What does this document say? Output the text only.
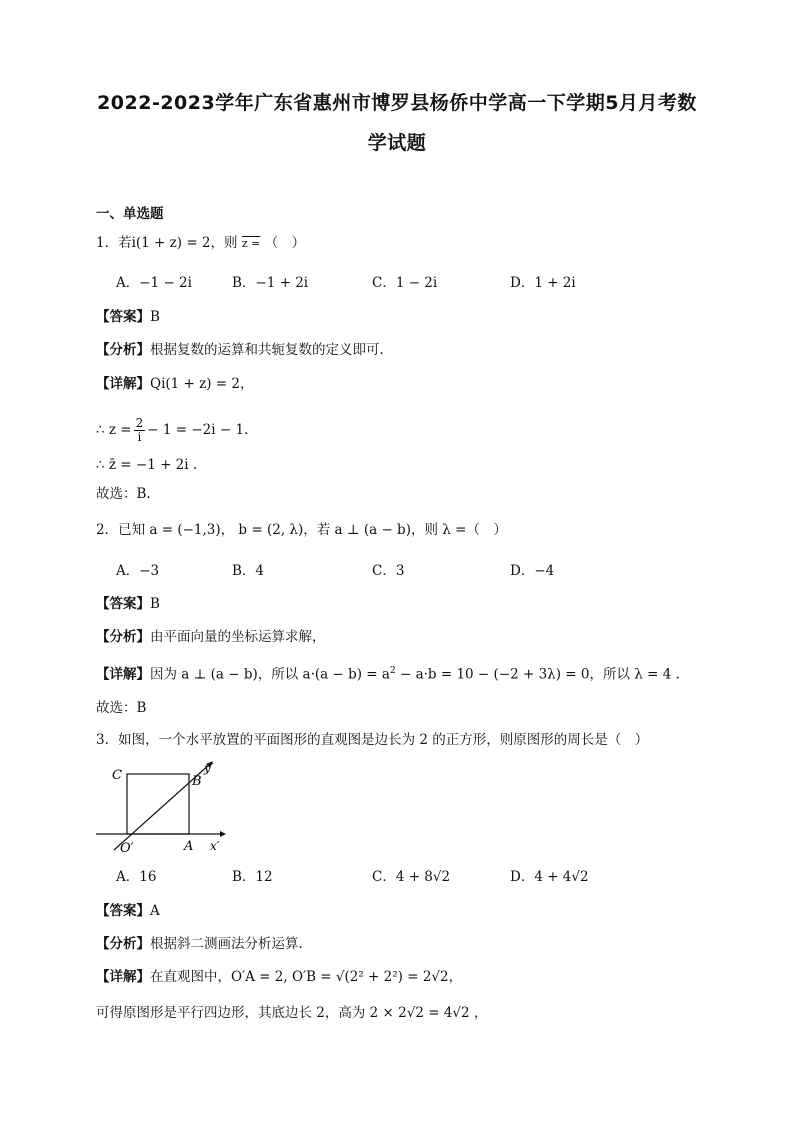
2022-2023学年广东省惠州市博罗县杨侨中学高一下学期5月月考数
学试题
一、单选题
1．若i(1 + z) = 2，则 z = （　）
A．−1 − 2i	B．−1 + 2i	C．1 − 2i	D．1 + 2i
【答案】B
【分析】根据复数的运算和共轭复数的定义即可.
【详解】Qi(1 + z) = 2，
∴ $z = \frac{2}{i} - 1 = -2i - 1$.
∴ z̄ = −1 + 2i .
故选：B.
2．已知 a = (−1,3)， b = (2, λ)，若 a ⊥ (a − b)，则 λ =（　）
A．−3	B．4	C．3	D．−4
【答案】B
【分析】由平面向量的坐标运算求解，
【详解】因为 a ⊥ (a − b)，所以 $a\cdot(a - b) = a^2 - a\cdot b = 10 - (-2 + 3\lambda) = 0$，所以 λ = 4 .
故选：B
3．如图，一个水平放置的平面图形的直观图是边长为 2 的正方形，则原图形的周长是（　）
C	B
y′
O′	A x′
A．16	B．12	C．4 + 8√2	D．4 + 4√2
【答案】A
【分析】根据斜二测画法分析运算.
【详解】在直观图中，O′A = 2, O′B = √(2² + 2²) = 2√2，
可得原图形是平行四边形，其底边长 2，高为 2 × 2√2 = 4√2 ，
